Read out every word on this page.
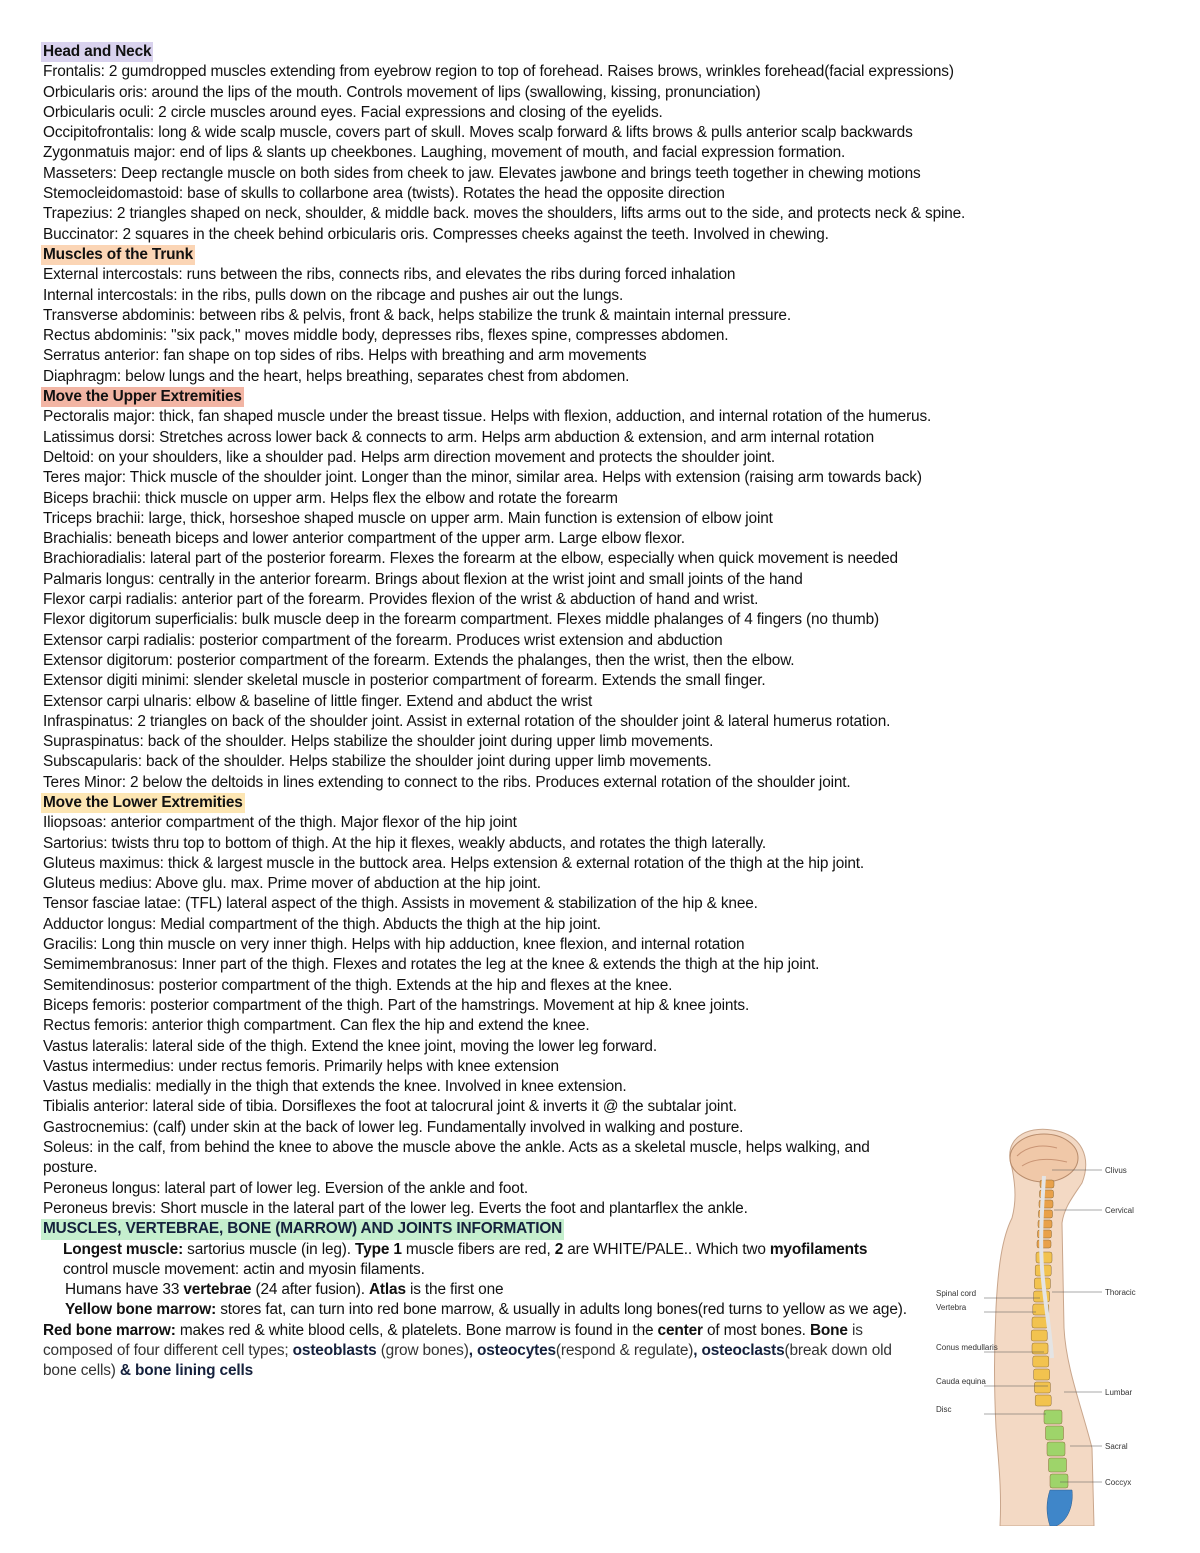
Head and Neck
Frontalis: 2 gumdropped muscles extending from eyebrow region to top of forehead. Raises brows, wrinkles forehead(facial expressions)
Orbicularis oris: around the lips of the mouth. Controls movement of lips (swallowing, kissing, pronunciation)
Orbicularis oculi: 2 circle muscles around eyes. Facial expressions and closing of the eyelids.
Occipitofrontalis: long & wide scalp muscle, covers part of skull. Moves scalp forward & lifts brows & pulls anterior scalp backwards
Zygonmatuis major: end of lips & slants up cheekbones. Laughing, movement of mouth, and facial expression formation.
Masseters: Deep rectangle muscle on both sides from cheek to jaw. Elevates jawbone and brings teeth together in chewing motions
Stemocleidomastoid: base of skulls to collarbone area (twists). Rotates the head the opposite direction
Trapezius: 2 triangles shaped on neck, shoulder, & middle back. moves the shoulders, lifts arms out to the side, and protects neck & spine.
Buccinator: 2 squares in the cheek behind orbicularis oris. Compresses cheeks against the teeth. Involved in chewing.
Muscles of the Trunk
External intercostals: runs between the ribs, connects ribs, and elevates the ribs during forced inhalation
Internal intercostals: in the ribs, pulls down on the ribcage and pushes air out the lungs.
Transverse abdominis: between ribs & pelvis, front & back, helps stabilize the trunk & maintain internal pressure.
Rectus abdominis: "six pack," moves middle body, depresses ribs, flexes spine, compresses abdomen.
Serratus anterior: fan shape on top sides of ribs. Helps with breathing and arm movements
Diaphragm: below lungs and the heart, helps breathing, separates chest from abdomen.
Move the Upper Extremities
Pectoralis major: thick, fan shaped muscle under the breast tissue. Helps with flexion, adduction, and internal rotation of the humerus.
Latissimus dorsi: Stretches across lower back & connects to arm. Helps arm abduction & extension, and arm internal rotation
Deltoid: on your shoulders, like a shoulder pad. Helps arm direction movement and protects the shoulder joint.
Teres major: Thick muscle of the shoulder joint. Longer than the minor, similar area. Helps with extension (raising arm towards back)
Biceps brachii: thick muscle on upper arm. Helps flex the elbow and rotate the forearm
Triceps brachii: large, thick, horseshoe shaped muscle on upper arm. Main function is extension of elbow joint
Brachialis: beneath biceps and lower anterior compartment of the upper arm. Large elbow flexor.
Brachioradialis: lateral part of the posterior forearm. Flexes the forearm at the elbow, especially when quick movement is needed
Palmaris longus: centrally in the anterior forearm. Brings about flexion at the wrist joint and small joints of the hand
Flexor carpi radialis: anterior part of the forearm. Provides flexion of the wrist & abduction of hand and wrist.
Flexor digitorum superficialis: bulk muscle deep in the forearm compartment. Flexes middle phalanges of 4 fingers (no thumb)
Extensor carpi radialis: posterior compartment of the forearm. Produces wrist extension and abduction
Extensor digitorum: posterior compartment of the forearm. Extends the phalanges, then the wrist, then the elbow.
Extensor digiti minimi: slender skeletal muscle in posterior compartment of forearm. Extends the small finger.
Extensor carpi ulnaris: elbow & baseline of little finger. Extend and abduct the wrist
Infraspinatus: 2 triangles on back of the shoulder joint. Assist in external rotation of the shoulder joint & lateral humerus rotation.
Supraspinatus: back of the shoulder. Helps stabilize the shoulder joint during upper limb movements.
Subscapularis: back of the shoulder. Helps stabilize the shoulder joint during upper limb movements.
Teres Minor: 2 below the deltoids in lines extending to connect to the ribs. Produces external rotation of the shoulder joint.
Move the Lower Extremities
Iliopsoas: anterior compartment of the thigh. Major flexor of the hip joint
Sartorius: twists thru top to bottom of thigh. At the hip it flexes, weakly abducts, and rotates the thigh laterally.
Gluteus maximus: thick & largest muscle in the buttock area. Helps extension & external rotation of the thigh at the hip joint.
Gluteus medius: Above glu. max. Prime mover of abduction at the hip joint.
Tensor fasciae latae: (TFL) lateral aspect of the thigh. Assists in movement & stabilization of the hip & knee.
Adductor longus: Medial compartment of the thigh. Abducts the thigh at the hip joint.
Gracilis: Long thin muscle on very inner thigh. Helps with hip adduction, knee flexion, and internal rotation
Semimembranosus: Inner part of the thigh. Flexes and rotates the leg at the knee & extends the thigh at the hip joint.
Semitendinosus: posterior compartment of the thigh. Extends at the hip and flexes at the knee.
Biceps femoris: posterior compartment of the thigh. Part of the hamstrings. Movement at hip & knee joints.
Rectus femoris: anterior thigh compartment. Can flex the hip and extend the knee.
Vastus lateralis: lateral side of the thigh. Extend the knee joint, moving the lower leg forward.
Vastus intermedius: under rectus femoris. Primarily helps with knee extension
Vastus medialis: medially in the thigh that extends the knee. Involved in knee extension.
Tibialis anterior: lateral side of tibia. Dorsiflexes the foot at talocrural joint & inverts it @ the subtalar joint.
Gastrocnemius: (calf) under skin at the back of lower leg. Fundamentally involved in walking and posture.
Soleus: in the calf, from behind the knee to above the muscle above the ankle. Acts as a skeletal muscle, helps walking, and posture.
Peroneus longus: lateral part of lower leg. Eversion of the ankle and foot.
Peroneus brevis: Short muscle in the lateral part of the lower leg. Everts the foot and plantarflex the ankle.
MUSCLES, VERTEBRAE, BONE (MARROW) AND JOINTS INFORMATION
Longest muscle: sartorius muscle (in leg). Type 1 muscle fibers are red, 2 are WHITE/PALE.. Which two myofilaments control muscle movement: actin and myosin filaments.
Humans have 33 vertebrae (24 after fusion). Atlas is the first one
Yellow bone marrow: stores fat, can turn into red bone marrow, & usually in adults long bones(red turns to yellow as we age). Red bone marrow: makes red & white blood cells, & platelets. Bone marrow is found in the center of most bones. Bone is composed of four different cell types; osteoblasts (grow bones), osteocytes(respond & regulate), osteoclasts(break down old bone cells) & bone lining cells
Clivus
Cervical
Thoracic
Lumbar
Sacral
Coccyx
Spinal cord
Vertebra
Conus medullaris
Cauda equina
Disc
